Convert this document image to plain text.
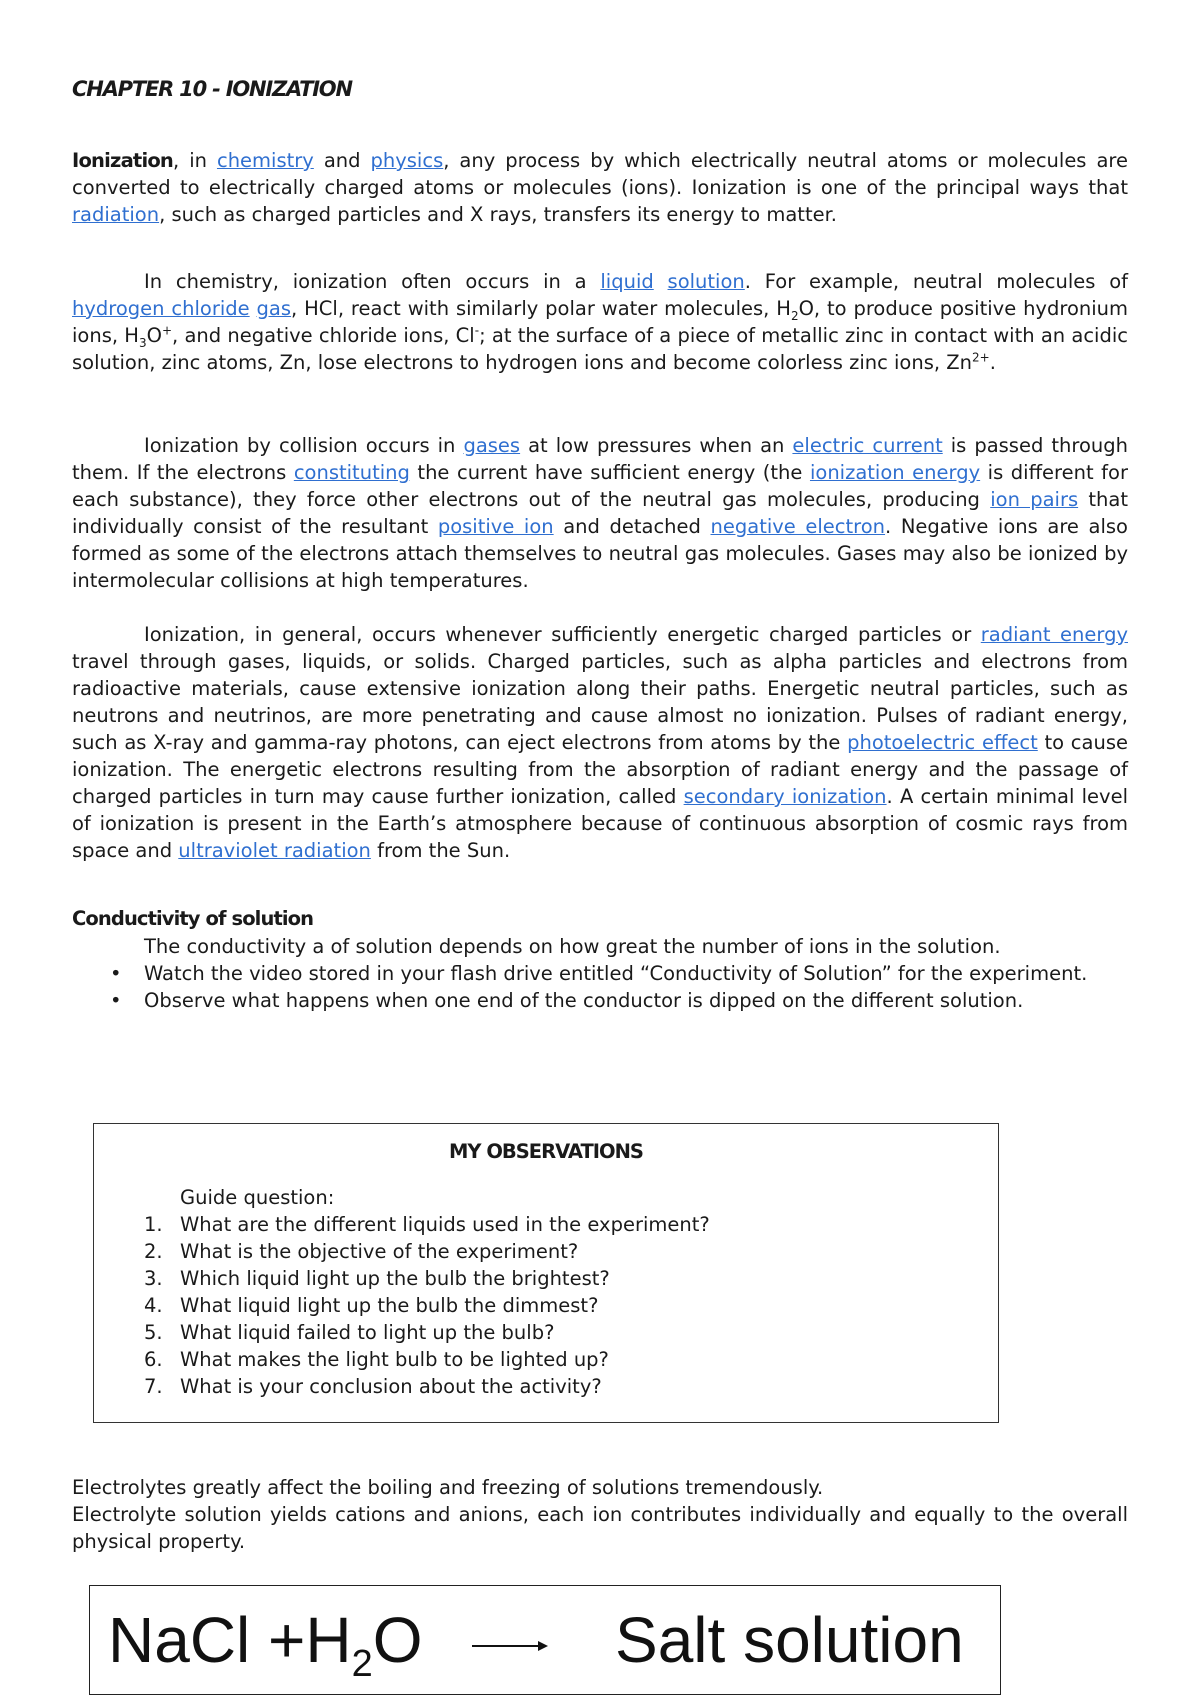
CHAPTER 10 - IONIZATION

Ionization, in chemistry and physics, any process by which electrically neutral atoms or molecules are converted to electrically charged atoms or molecules (ions). Ionization is one of the principal ways that radiation, such as charged particles and X rays, transfers its energy to matter.

In chemistry, ionization often occurs in a liquid solution. For example, neutral molecules of hydrogen chloride gas, HCl, react with similarly polar water molecules, $H_2O$, to produce positive hydronium ions, $H_3O^+$, and negative chloride ions, Cl-; at the surface of a piece of metallic zinc in contact with an acidic solution, zinc atoms, Zn, lose electrons to hydrogen ions and become colorless zinc ions, $Zn^{2+}$.

Ionization by collision occurs in gases at low pressures when an electric current is passed through them. If the electrons constituting the current have sufficient energy (the ionization energy is different for each substance), they force other electrons out of the neutral gas molecules, producing ion pairs that individually consist of the resultant positive ion and detached negative electron. Negative ions are also formed as some of the electrons attach themselves to neutral gas molecules. Gases may also be ionized by intermolecular collisions at high temperatures.

Ionization, in general, occurs whenever sufficiently energetic charged particles or radiant energy travel through gases, liquids, or solids. Charged particles, such as alpha particles and electrons from radioactive materials, cause extensive ionization along their paths. Energetic neutral particles, such as neutrons and neutrinos, are more penetrating and cause almost no ionization. Pulses of radiant energy, such as X-ray and gamma-ray photons, can eject electrons from atoms by the photoelectric effect to cause ionization. The energetic electrons resulting from the absorption of radiant energy and the passage of charged particles in turn may cause further ionization, called secondary ionization. A certain minimal level of ionization is present in the Earth’s atmosphere because of continuous absorption of cosmic rays from space and ultraviolet radiation from the Sun.

Conductivity of solution

The conductivity a of solution depends on how great the number of ions in the solution.

• Watch the video stored in your flash drive entitled “Conductivity of Solution” for the experiment.
• Observe what happens when one end of the conductor is dipped on the different solution.

MY OBSERVATIONS

Guide question:

1. What are the different liquids used in the experiment?
2. What is the objective of the experiment?
3. Which liquid light up the bulb the brightest?
4. What liquid light up the bulb the dimmest?
5. What liquid failed to light up the bulb?
6. What makes the light bulb to be lighted up?
7. What is your conclusion about the activity?

Electrolytes greatly affect the boiling and freezing of solutions tremendously.

Electrolyte solution yields cations and anions, each ion contributes individually and equally to the overall physical property.

NaCl $+H_2O$	Salt solution
